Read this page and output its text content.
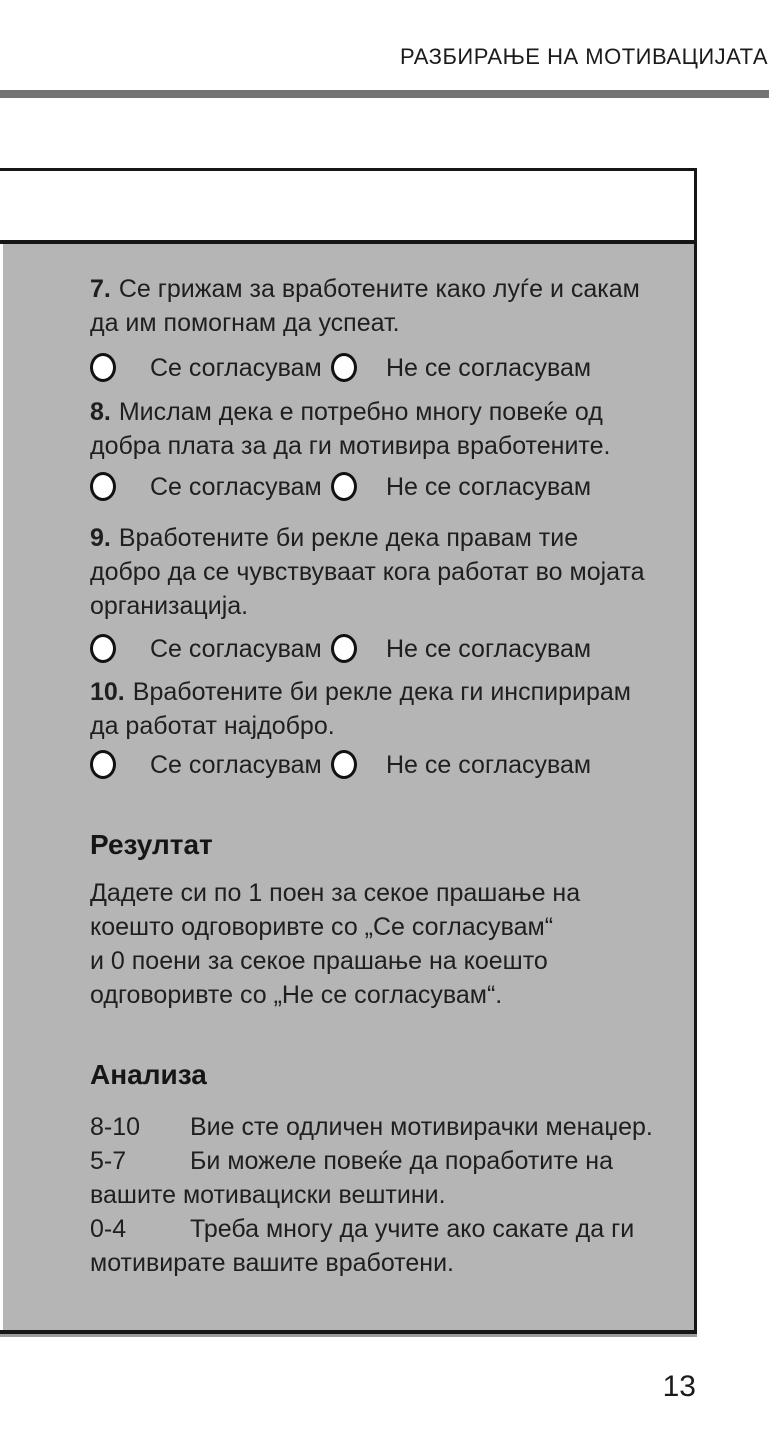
РАЗБИРАЊЕ НА МОТИВАЦИЈАТА
7. Се грижам за вработените како луѓе и сакам
да им помогнам да успеат.
Се согласувам	Не се согласувам
8. Мислам дека е потребно многу повеќе од
добра плата за да ги мотивира вработените.
Се согласувам	Не се согласувам
9. Вработените би рекле дека правам тие
добро да се чувствуваат кога работат во мојата
организација.
Се согласувам	Не се согласувам
10. Вработените би рекле дека ги инспирирам
да работат најдобро.
Се согласувам	Не се согласувам
Резултат
Дадете си по 1 поен за секое прашање на
коешто одговоривте со „Се согласувам“
и 0 поени за секое прашање на коешто
одговоривте со „Не се согласувам“.
Анализа
8-10 Вие сте одличен мотивирачки менаџер.
5-7	Би можеле повеќе да поработите на
вашите мотивациски вештини.
0-4	Треба многу да учите ако сакате да ги
мотивирате вашите вработени.
13
